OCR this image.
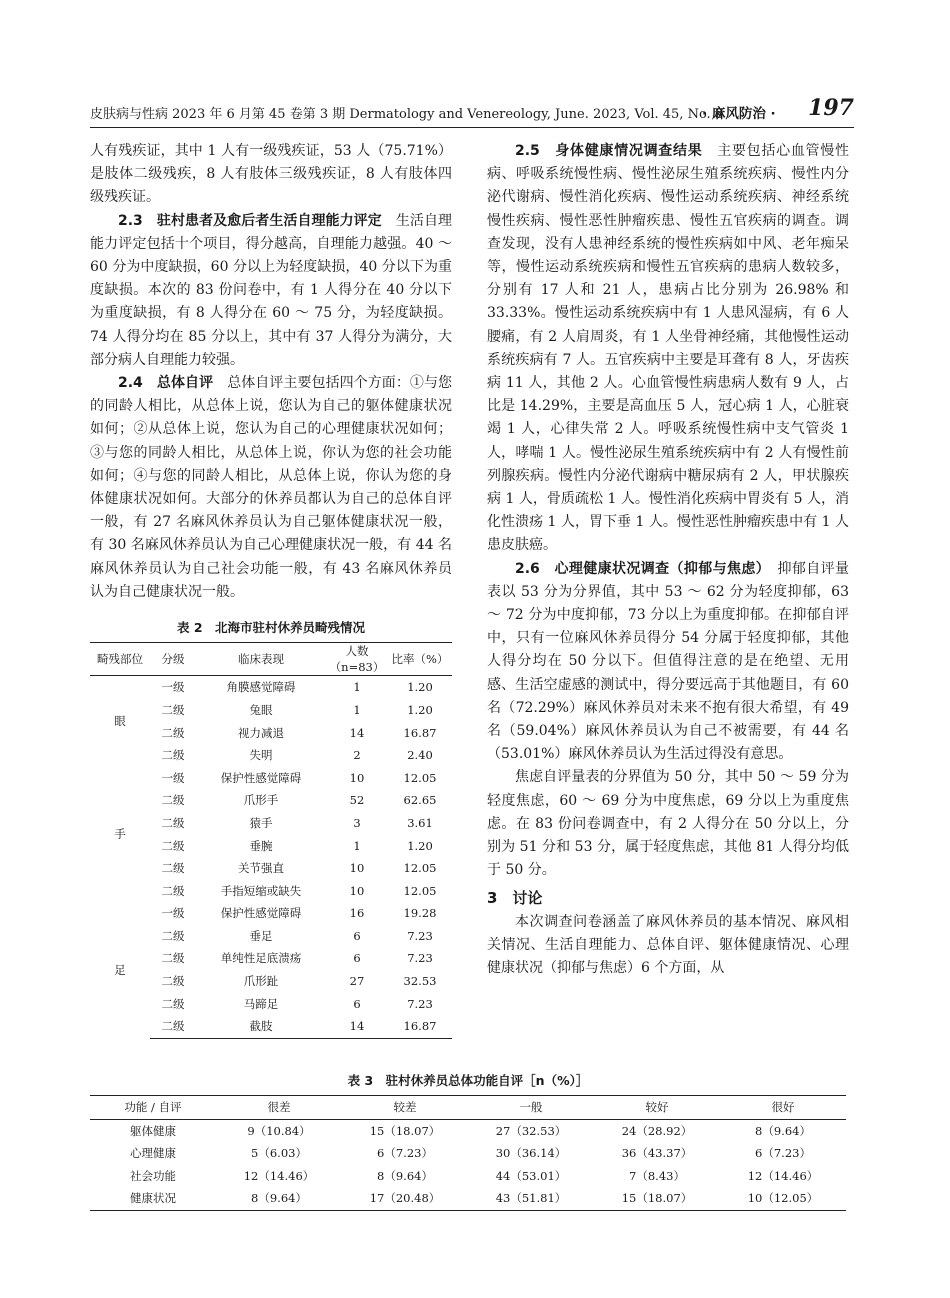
皮肤病与性病 2023 年 6 月第 45 卷第 3 期 Dermatology and Venereology, June. 2023, Vol. 45, No. 3
· 麻风防治 · 197

人有残疾证，其中 1 人有一级残疾证，53 人（75.71%）是肢体二级残疾，8 人有肢体三级残疾证，8 人有肢体四级残疾证。

2.3　驻村患者及愈后者生活自理能力评定　 生活自理能力评定包括十个项目，得分越高，自理能力越强。40 ～ 60 分为中度缺损，60 分以上为轻度缺损，40 分以下为重度缺损。本次的 83 份问卷中，有 1 人得分在 40 分以下为重度缺损，有 8 人得分在 60 ～ 75 分，为轻度缺损。74 人得分均在 85 分以上，其中有 37 人得分为满分，大部分病人自理能力较强。

2.4　总体自评　 总体自评主要包括四个方面：①与您的同龄人相比，从总体上说，您认为自己的躯体健康状况如何；②从总体上说，您认为自己的心理健康状况如何；③与您的同龄人相比，从总体上说，你认为您的社会功能如何；④与您的同龄人相比，从总体上说，你认为您的身体健康状况如何。大部分的休养员都认为自己的总体自评一般，有 27 名麻风休养员认为自己躯体健康状况一般，有 30 名麻风休养员认为自己心理健康状况一般，有 44 名麻风休养员认为自己社会功能一般，有 43 名麻风休养员认为自己健康状况一般。

表 2　北海市驻村休养员畸残情况
畸残部位	分级	临床表现	人数（n=83）	比率（%）
眼	一级	角膜感觉障碍	1	1.20
	二级	兔眼	1	1.20
	二级	视力减退	14	16.87
	二级	失明	2	2.40
手	一级	保护性感觉障碍	10	12.05
	二级	爪形手	52	62.65
	二级	猿手	3	3.61
	二级	垂腕	1	1.20
	二级	关节强直	10	12.05
	二级	手指短缩或缺失	10	12.05
足	一级	保护性感觉障碍	16	19.28
	二级	垂足	6	7.23
	二级	单纯性足底溃疡	6	7.23
	二级	爪形趾	27	32.53
	二级	马蹄足	6	7.23
	二级	截肢	14	16.87

2.5　身体健康情况调查结果　 主要包括心血管慢性病、呼吸系统慢性病、慢性泌尿生殖系统疾病、慢性内分泌代谢病、慢性消化疾病、慢性运动系统疾病、神经系统慢性疾病、慢性恶性肿瘤疾患、慢性五官疾病的调查。调查发现，没有人患神经系统的慢性疾病如中风、老年痴呆等，慢性运动系统疾病和慢性五官疾病的患病人数较多，分别有 17 人和 21 人，患病占比分别为 26.98% 和 33.33%。慢性运动系统疾病中有 1 人患风湿病，有 6 人腰痛，有 2 人肩周炎，有 1 人坐骨神经痛，其他慢性运动系统疾病有 7 人。五官疾病中主要是耳聋有 8 人，牙齿疾病 11 人，其他 2 人。心血管慢性病患病人数有 9 人，占比是 14.29%，主要是高血压 5 人，冠心病 1 人，心脏衰竭 1 人，心律失常 2 人。呼吸系统慢性病中支气管炎 1 人，哮喘 1 人。慢性泌尿生殖系统疾病中有 2 人有慢性前列腺疾病。慢性内分泌代谢病中糖尿病有 2 人，甲状腺疾病 1 人，骨质疏松 1 人。慢性消化疾病中胃炎有 5 人，消化性溃疡 1 人，胃下垂 1 人。慢性恶性肿瘤疾患中有 1 人患皮肤癌。

2.6　心理健康状况调查（抑郁与焦虑）　 抑郁自评量表以 53 分为分界值，其中 53 ～ 62 分为轻度抑郁，63 ～ 72 分为中度抑郁，73 分以上为重度抑郁。在抑郁自评中，只有一位麻风休养员得分 54 分属于轻度抑郁，其他人得分均在 50 分以下。但值得注意的是在绝望、无用感、生活空虚感的测试中，得分要远高于其他题目，有 60 名（72.29%）麻风休养员对未来不抱有很大希望，有 49 名（59.04%）麻风休养员认为自己不被需要，有 44 名（53.01%）麻风休养员认为生活过得没有意思。

焦虑自评量表的分界值为 50 分，其中 50 ～ 59 分为轻度焦虑，60 ～ 69 分为中度焦虑，69 分以上为重度焦虑。在 83 份问卷调查中，有 2 人得分在 50 分以上，分别为 51 分和 53 分，属于轻度焦虑，其他 81 人得分均低于 50 分。

3　讨论

本次调查问卷涵盖了麻风休养员的基本情况、麻风相关情况、生活自理能力、总体自评、躯体健康情况、心理健康状况（抑郁与焦虑）6 个方面，从

表 3　驻村休养员总体功能自评［n（%）］
功能 / 自评	很差	较差	一般	较好	很好
躯体健康	9（10.84）	15（18.07）	27（32.53）	24（28.92）	8（9.64）
心理健康	5（6.03）	6（7.23）	30（36.14）	36（43.37）	6（7.23）
社会功能	12（14.46）	8（9.64）	44（53.01）	7（8.43）	12（14.46）
健康状况	8（9.64）	17（20.48）	43（51.81）	15（18.07）	10（12.05）
